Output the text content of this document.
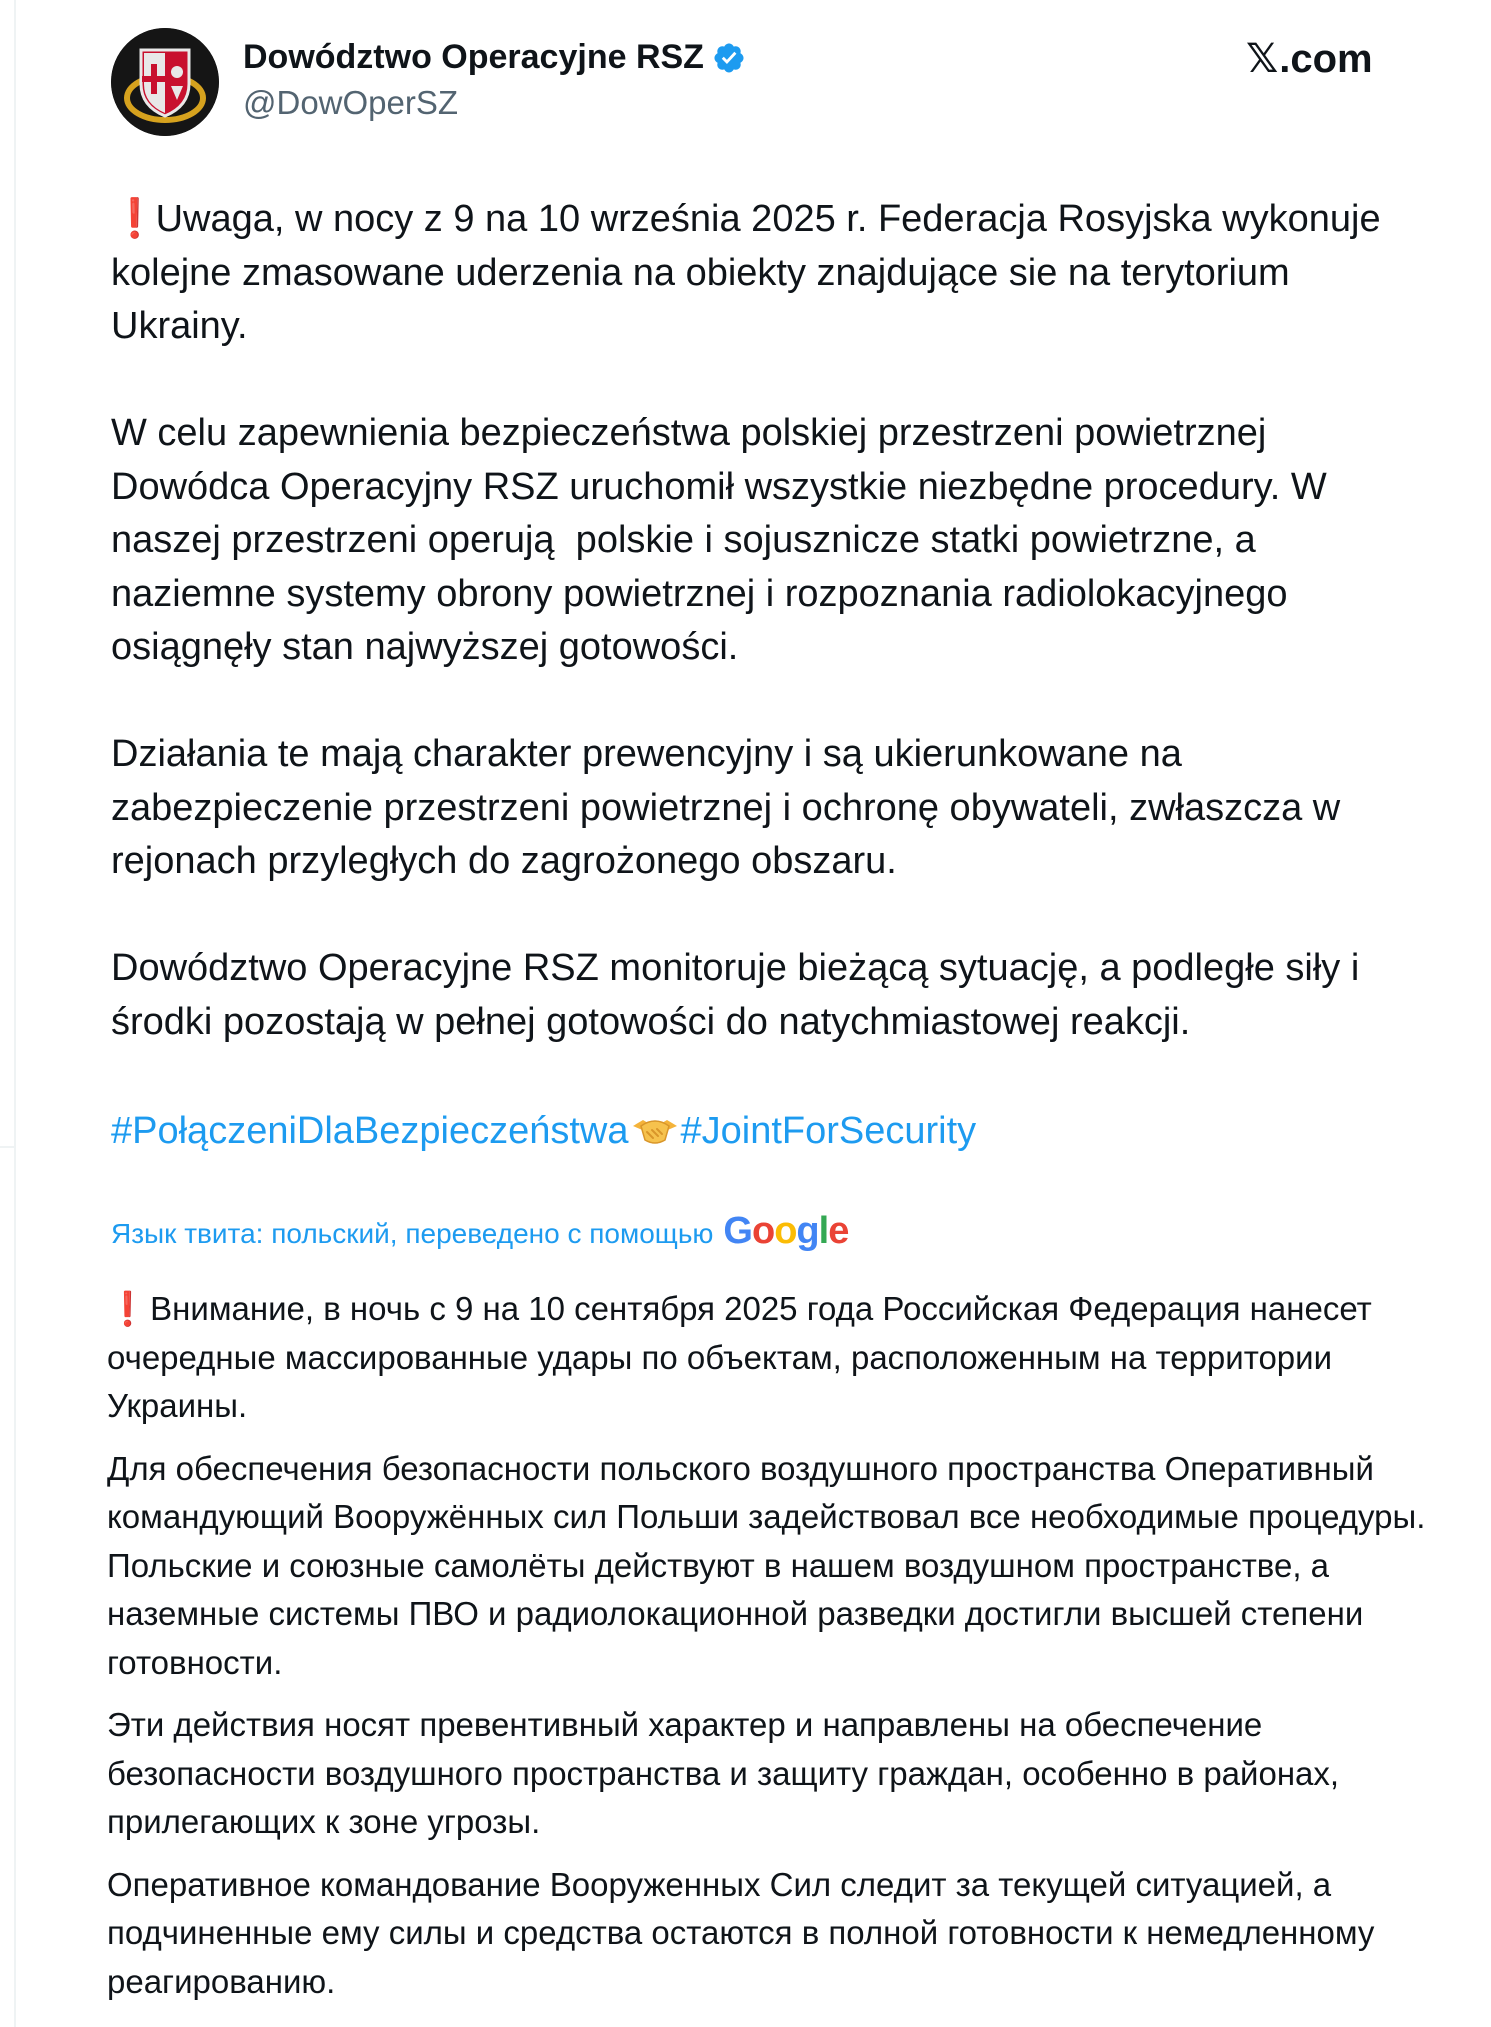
Dowództwo Operacyjne RSZ
@DowOperSZ
𝕏 .com

❗ Uwaga, w nocy z 9 na 10 września 2025 r. Federacja Rosyjska wykonuje kolejne zmasowane uderzenia na obiekty znajdujące sie na terytorium Ukrainy.

W celu zapewnienia bezpieczeństwa polskiej przestrzeni powietrznej Dowódca Operacyjny RSZ uruchomił wszystkie niezbędne procedury. W naszej przestrzeni operują  polskie i sojusznicze statki powietrzne, a naziemne systemy obrony powietrznej i rozpoznania radiolokacyjnego osiągnęły stan najwyższej gotowości.

Działania te mają charakter prewencyjny i są ukierunkowane na zabezpieczenie przestrzeni powietrznej i ochronę obywateli, zwłaszcza w rejonach przyległych do zagrożonego obszaru.

Dowództwo Operacyjne RSZ monitoruje bieżącą sytuację, a podległe siły i środki pozostają w pełnej gotowości do natychmiastowej reakcji.

#PołączeniDlaBezpieczeństwa #JointForSecurity
Язык твита: польский, переведено с помощью Google

❗ Внимание, в ночь с 9 на 10 сентября 2025 года Российская Федерация нанесет очередные массированные удары по объектам, расположенным на территории Украины.

Для обеспечения безопасности польского воздушного пространства Оперативный командующий Вооружённых сил Польши задействовал все необходимые процедуры. Польские и союзные самолёты действуют в нашем воздушном пространстве, а наземные системы ПВО и радиолокационной разведки достигли высшей степени готовности.

Эти действия носят превентивный характер и направлены на обеспечение безопасности воздушного пространства и защиту граждан, особенно в районах, прилегающих к зоне угрозы.

Оперативное командование Вооруженных Сил следит за текущей ситуацией, а подчиненные ему силы и средства остаются в полной готовности к немедленному реагированию.
